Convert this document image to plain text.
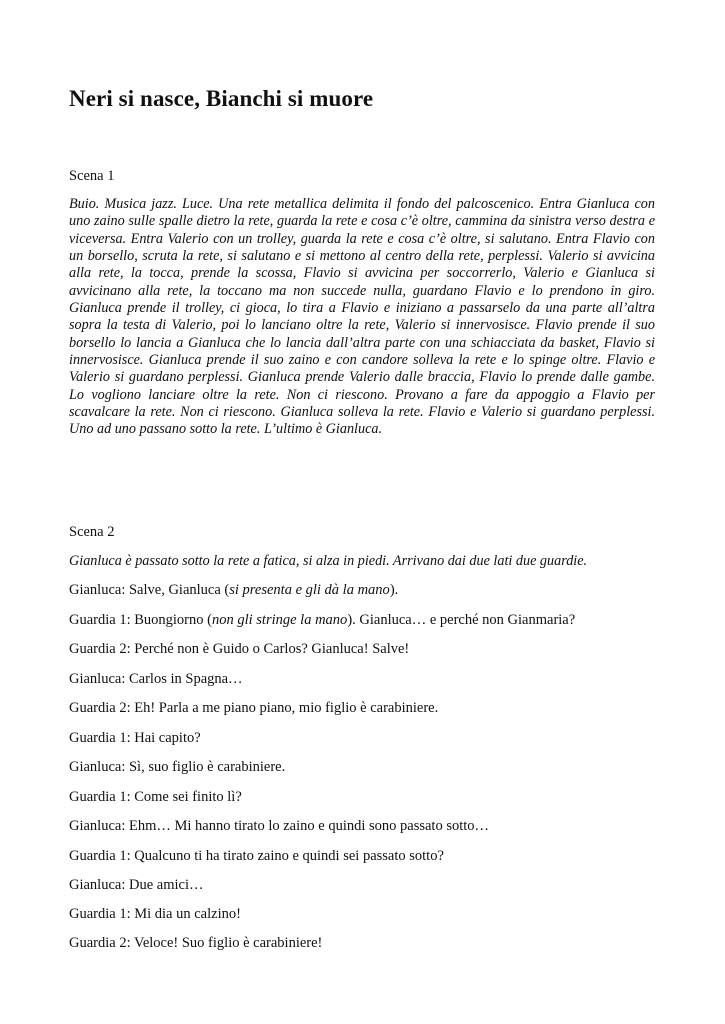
Neri si nasce, Bianchi si muore

Scena 1

Buio. Musica jazz. Luce. Una rete metallica delimita il fondo del palcoscenico. Entra Gianluca con uno zaino sulle spalle dietro la rete, guarda la rete e cosa c’è oltre, cammina da sinistra verso destra e viceversa. Entra Valerio con un trolley, guarda la rete e cosa c’è oltre, si salutano. Entra Flavio con un borsello, scruta la rete, si salutano e si mettono al centro della rete, perplessi. Valerio si avvicina alla rete, la tocca, prende la scossa, Flavio si avvicina per soccorrerlo, Valerio e Gianluca si avvicinano alla rete, la toccano ma non succede nulla, guardano Flavio e lo prendono in giro. Gianluca prende il trolley, ci gioca, lo tira a Flavio e iniziano a passarselo da una parte all’altra sopra la testa di Valerio, poi lo lanciano oltre la rete, Valerio si innervosisce. Flavio prende il suo borsello lo lancia a Gianluca che lo lancia dall’altra parte con una schiacciata da basket, Flavio si innervosisce. Gianluca prende il suo zaino e con candore solleva la rete e lo spinge oltre. Flavio e Valerio si guardano perplessi. Gianluca prende Valerio dalle braccia, Flavio lo prende dalle gambe. Lo vogliono lanciare oltre la rete. Non ci riescono. Provano a fare da appoggio a Flavio per scavalcare la rete. Non ci riescono. Gianluca solleva la rete. Flavio e Valerio si guardano perplessi. Uno ad uno passano sotto la rete. L’ultimo è Gianluca.

Scena 2

Gianluca è passato sotto la rete a fatica, si alza in piedi. Arrivano dai due lati due guardie.

Gianluca: Salve, Gianluca (si presenta e gli dà la mano).

Guardia 1: Buongiorno (non gli stringe la mano). Gianluca… e perché non Gianmaria?

Guardia 2: Perché non è Guido o Carlos? Gianluca! Salve!

Gianluca: Carlos in Spagna…

Guardia 2: Eh! Parla a me piano piano, mio figlio è carabiniere.

Guardia 1: Hai capito?

Gianluca: Sì, suo figlio è carabiniere.

Guardia 1: Come sei finito lì?

Gianluca: Ehm… Mi hanno tirato lo zaino e quindi sono passato sotto…

Guardia 1: Qualcuno ti ha tirato zaino e quindi sei passato sotto?

Gianluca: Due amici…

Guardia 1: Mi dia un calzino!

Guardia 2: Veloce! Suo figlio è carabiniere!
